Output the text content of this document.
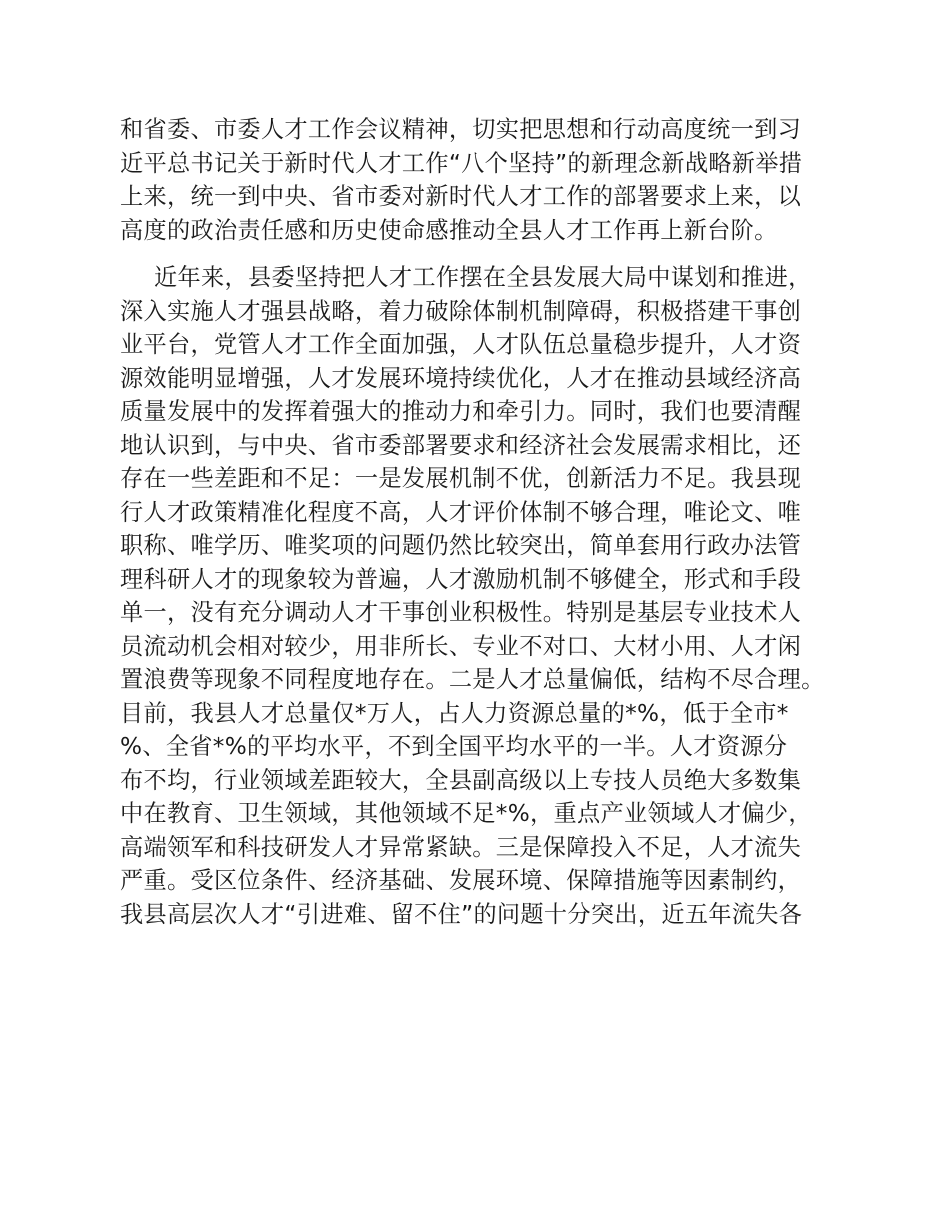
和省委、市委人才工作会议精神，切实把思想和行动高度统一到习
近平总书记关于新时代人才工作“八个坚持”的新理念新战略新举措
上来，统一到中央、省市委对新时代人才工作的部署要求上来，以
高度的政治责任感和历史使命感推动全县人才工作再上新台阶。
近年来，县委坚持把人才工作摆在全县发展大局中谋划和推进，
深入实施人才强县战略，着力破除体制机制障碍，积极搭建干事创
业平台，党管人才工作全面加强，人才队伍总量稳步提升，人才资
源效能明显增强，人才发展环境持续优化，人才在推动县域经济高
质量发展中的发挥着强大的推动力和牵引力。同时，我们也要清醒
地认识到，与中央、省市委部署要求和经济社会发展需求相比，还
存在一些差距和不足：一是发展机制不优，创新活力不足。我县现
行人才政策精准化程度不高，人才评价体制不够合理，唯论文、唯
职称、唯学历、唯奖项的问题仍然比较突出，简单套用行政办法管
理科研人才的现象较为普遍，人才激励机制不够健全，形式和手段
单一，没有充分调动人才干事创业积极性。特别是基层专业技术人
员流动机会相对较少，用非所长、专业不对口、大材小用、人才闲
置浪费等现象不同程度地存在。二是人才总量偏低，结构不尽合理。
目前，我县人才总量仅*万人，占人力资源总量的*%，低于全市*
%、全省*%的平均水平，不到全国平均水平的一半。人才资源分
布不均，行业领域差距较大，全县副高级以上专技人员绝大多数集
中在教育、卫生领域，其他领域不足*%，重点产业领域人才偏少，
高端领军和科技研发人才异常紧缺。三是保障投入不足，人才流失
严重。受区位条件、经济基础、发展环境、保障措施等因素制约，
我县高层次人才“引进难、留不住”的问题十分突出，近五年流失各
